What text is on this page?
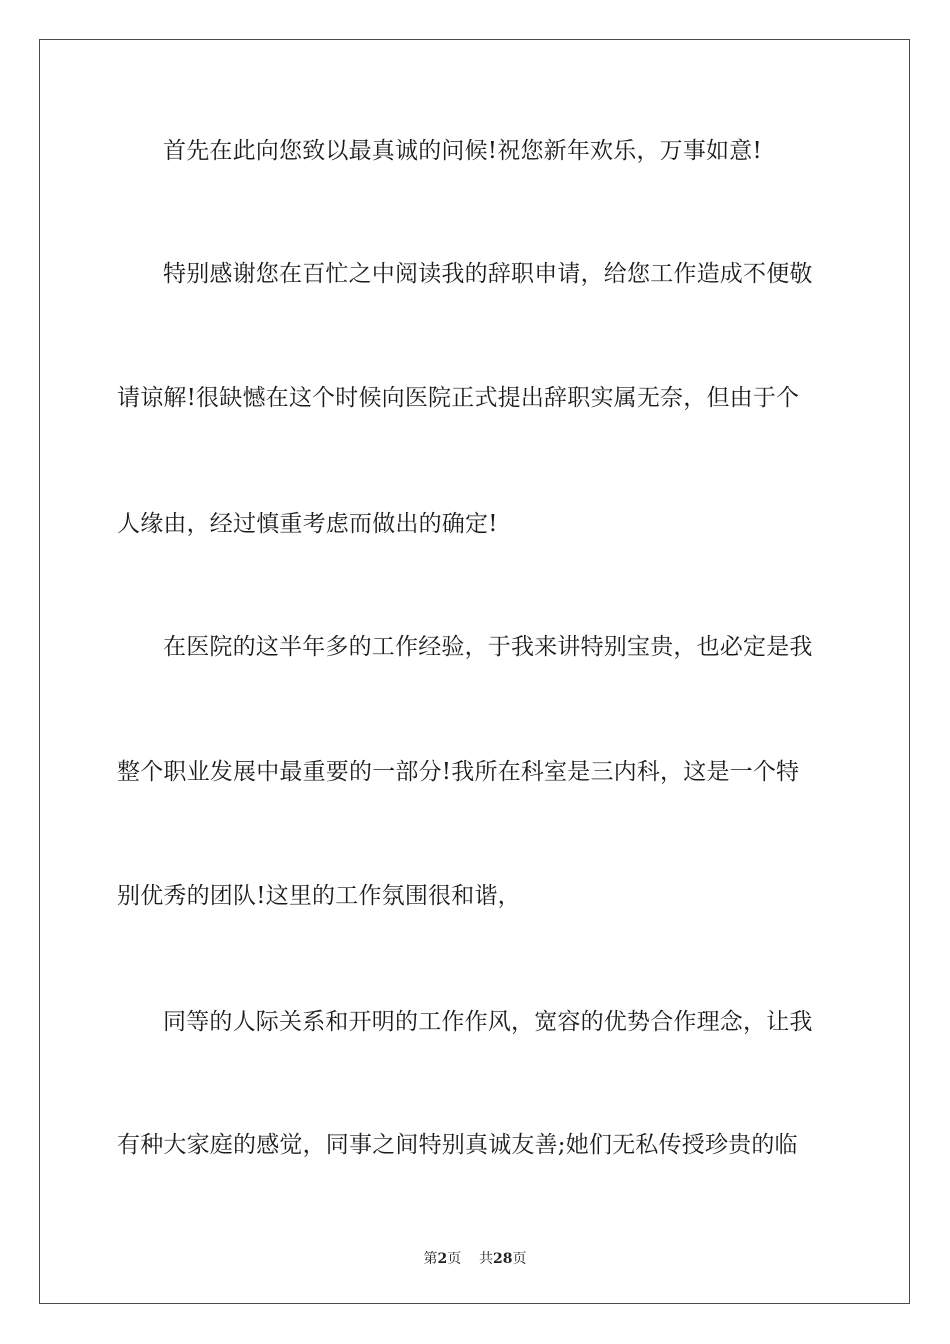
首先在此向您致以最真诚的问候!祝您新年欢乐，万事如意!

特别感谢您在百忙之中阅读我的辞职申请，给您工作造成不便敬

请谅解!很缺憾在这个时候向医院正式提出辞职实属无奈，但由于个

人缘由，经过慎重考虑而做出的确定!

在医院的这半年多的工作经验，于我来讲特别宝贵，也必定是我

整个职业发展中最重要的一部分!我所在科室是三内科，这是一个特

别优秀的团队!这里的工作氛围很和谐，

同等的人际关系和开明的工作作风，宽容的优势合作理念，让我

有种大家庭的感觉，同事之间特别真诚友善;她们无私传授珍贵的临

第2页 共28页
